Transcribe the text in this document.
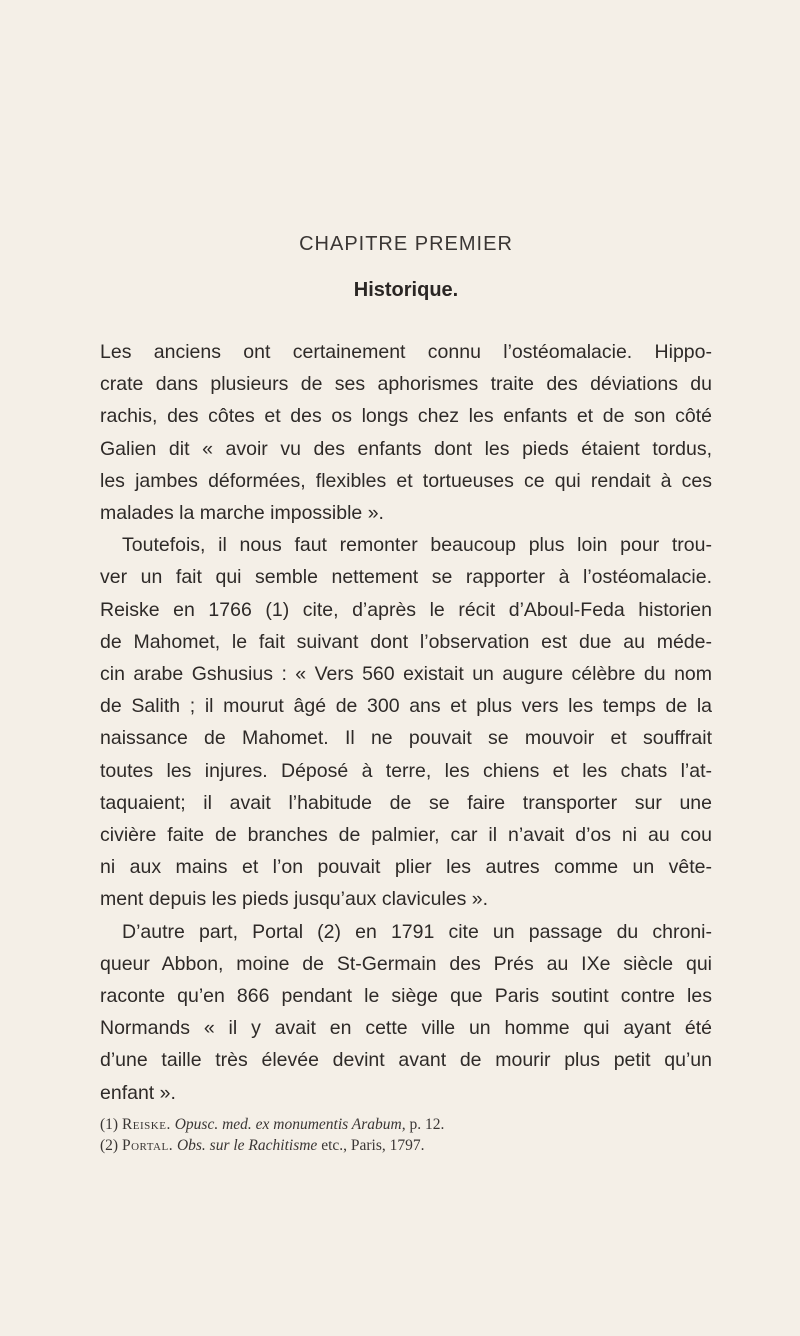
CHAPITRE PREMIER
Historique.
Les anciens ont certainement connu l’ostéomalacie. Hippo-
crate dans plusieurs de ses aphorismes traite des déviations du
rachis, des côtes et des os longs chez les enfants et de son côté
Galien dit « avoir vu des enfants dont les pieds étaient tordus,
les jambes déformées, flexibles et tortueuses ce qui rendait à ces
malades la marche impossible ».
Toutefois, il nous faut remonter beaucoup plus loin pour trou-
ver un fait qui semble nettement se rapporter à l’ostéomalacie.
Reiske en 1766 (1) cite, d’après le récit d’Aboul-Feda historien
de Mahomet, le fait suivant dont l’observation est due au méde-
cin arabe Gshusius : « Vers 560 existait un augure célèbre du nom
de Salith ; il mourut âgé de 300 ans et plus vers les temps de la
naissance de Mahomet. Il ne pouvait se mouvoir et souffrait
toutes les injures. Déposé à terre, les chiens et les chats l’at-
taquaient; il avait l’habitude de se faire transporter sur une
civière faite de branches de palmier, car il n’avait d’os ni au cou
ni aux mains et l’on pouvait plier les autres comme un vête-
ment depuis les pieds jusqu’aux clavicules ».
D’autre part, Portal (2) en 1791 cite un passage du chroni-
queur Abbon, moine de St-Germain des Prés au IXe siècle qui
raconte qu’en 866 pendant le siège que Paris soutint contre les
Normands « il y avait en cette ville un homme qui ayant été
d’une taille très élevée devint avant de mourir plus petit qu’un
enfant ».
(1) Reiske. Opusc. med. ex monumentis Arabum, p. 12.
(2) Portal. Obs. sur le Rachitisme etc., Paris, 1797.
